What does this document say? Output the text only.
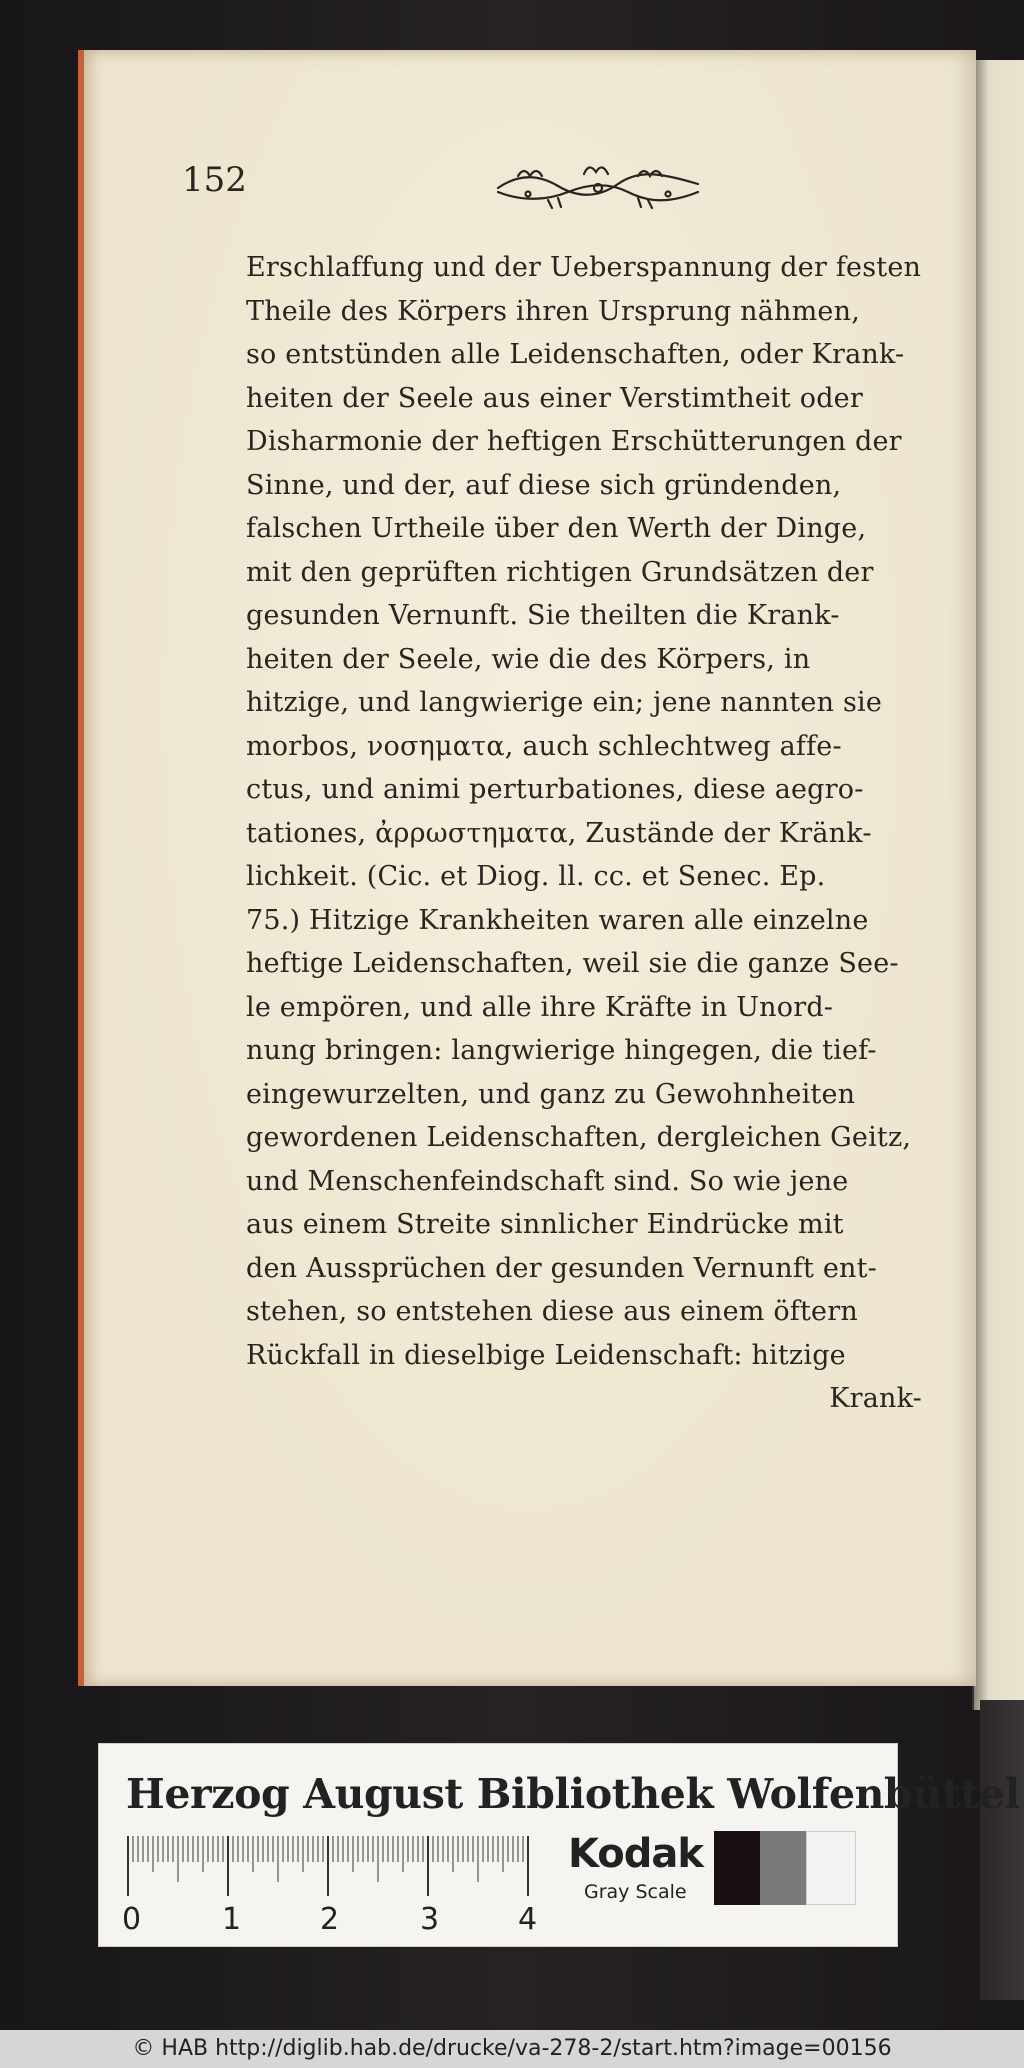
152
Erschlaffung und der Ueberspannung der festen
Theile des Körpers ihren Ursprung nähmen,
so entstünden alle Leidenschaften, oder Krank-
heiten der Seele aus einer Verstimtheit oder
Disharmonie der heftigen Erschütterungen der
Sinne, und der, auf diese sich gründenden,
falschen Urtheile über den Werth der Dinge,
mit den geprüften richtigen Grundsätzen der
gesunden Vernunft. Sie theilten die Krank-
heiten der Seele, wie die des Körpers, in
hitzige, und langwierige ein; jene nannten sie
morbos, νοσηματα, auch schlechtweg affe-
ctus, und animi perturbationes, diese aegro-
tationes, ἀρρωστηματα, Zustände der Kränk-
lichkeit. (Cic. et Diog. ll. cc. et Senec. Ep.
75.) Hitzige Krankheiten waren alle einzelne
heftige Leidenschaften, weil sie die ganze See-
le empören, und alle ihre Kräfte in Unord-
nung bringen: langwierige hingegen, die tief-
eingewurzelten, und ganz zu Gewohnheiten
gewordenen Leidenschaften, dergleichen Geitz,
und Menschenfeindschaft sind. So wie jene
aus einem Streite sinnlicher Eindrücke mit
den Aussprüchen der gesunden Vernunft ent-
stehen, so entstehen diese aus einem öftern
Rückfall in dieselbige Leidenschaft: hitzige
Krank-
Herzog August Bibliothek Wolfenbüttel
0	1	2	3	4
Kodak
Gray Scale
© HAB http://diglib.hab.de/drucke/va-278-2/start.htm?image=00156
